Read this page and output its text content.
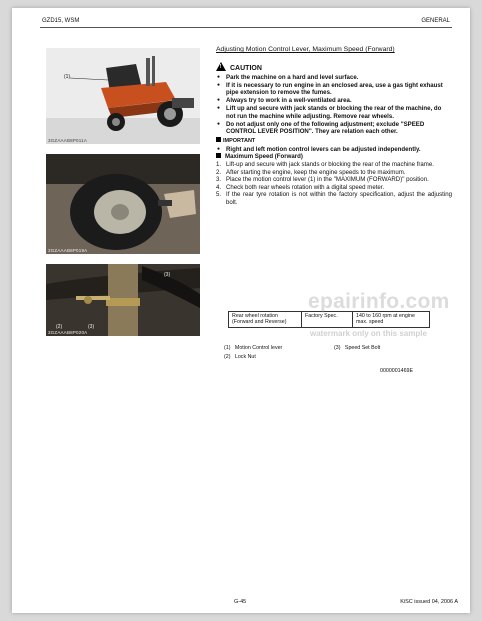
GZD15, WSM	GENERAL
(1)
3GZAAAB8P011A
3GZAAAB8P019A
(3)
(2)	(3)
3GZAAAB8P020A
Adjusting Motion Control Lever, Maximum Speed (Forward)
!CAUTION
● Park the machine on a hard and level surface.
● If it is necessary to run engine in an enclosed area, use a gas tight exhaust pipe extension to remove the fumes.
● Always try to work in a well-ventilated area.
● Lift up and secure with jack stands or blocking the rear of the machine, do not run the machine while adjusting. Remove rear wheels.
● Do not adjust only one of the following adjustment; exclude "SPEED CONTROL LEVER POSITION". They are relation each other.
IMPORTANT
● Right and left motion control levers can be adjusted independently.
Maximum Speed (Forward)
1. Lift-up and secure with jack stands or blocking the rear of the machine frame.
2. After starting the engine, keep the engine speeds to the maximum.
3. Place the motion control lever (1) in the "MAXIMUM (FORWARD)" position.
4. Check both rear wheels rotation with a digital speed meter.
5. If the rear tyre rotation is not within the factory specification, adjust the adjusting bolt.
Rear wheel rotation (Forward and Reverse)	Factory Spec.	140 to 160 rpm at engine max. speed
(1) Motion Control lever
(2) Lock Nut
(3) Speed Set Bolt
0000001469E
epairinfo.com
watermark only on this sample
G-45	KiSC issued 04, 2006 A
